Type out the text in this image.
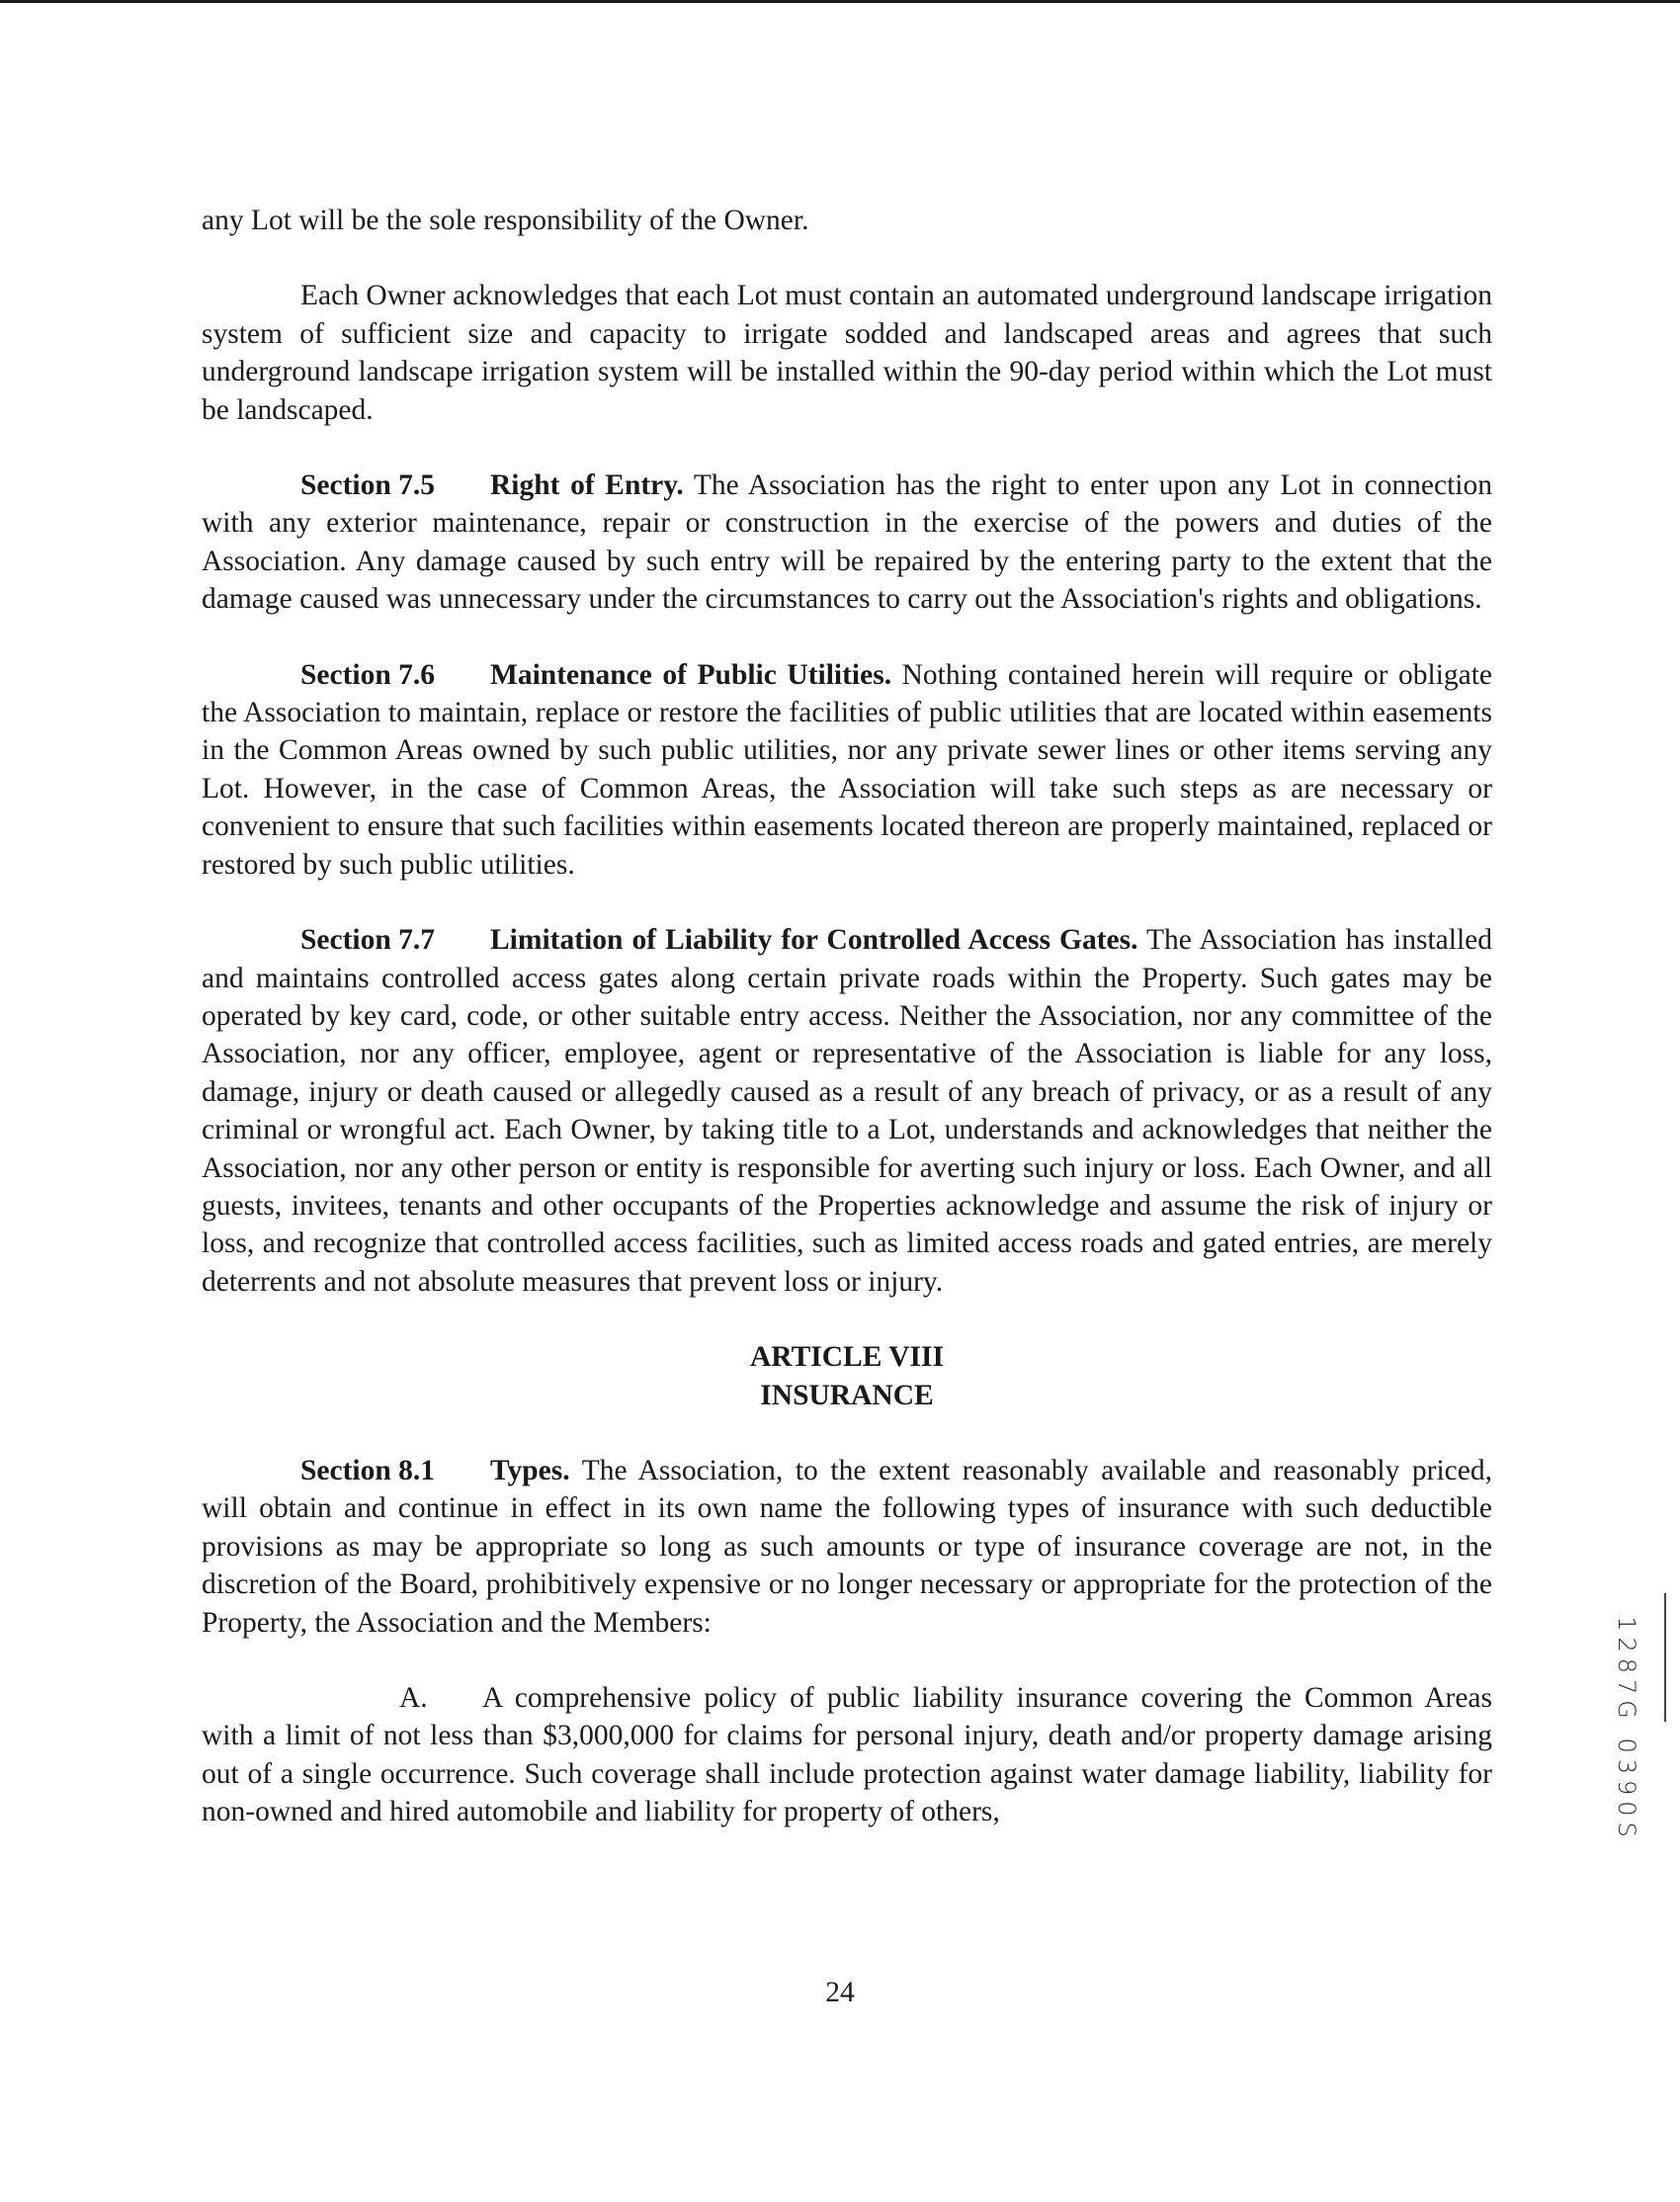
any Lot will be the sole responsibility of the Owner.

Each Owner acknowledges that each Lot must contain an automated underground landscape irrigation system of sufficient size and capacity to irrigate sodded and landscaped areas and agrees that such underground landscape irrigation system will be installed within the 90-day period within which the Lot must be landscaped.

Section 7.5 Right of Entry. The Association has the right to enter upon any Lot in connection with any exterior maintenance, repair or construction in the exercise of the powers and duties of the Association. Any damage caused by such entry will be repaired by the entering party to the extent that the damage caused was unnecessary under the circumstances to carry out the Association's rights and obligations.

Section 7.6 Maintenance of Public Utilities. Nothing contained herein will require or obligate the Association to maintain, replace or restore the facilities of public utilities that are located within easements in the Common Areas owned by such public utilities, nor any private sewer lines or other items serving any Lot. However, in the case of Common Areas, the Association will take such steps as are necessary or convenient to ensure that such facilities within easements located thereon are properly maintained, replaced or restored by such public utilities.

Section 7.7 Limitation of Liability for Controlled Access Gates. The Association has installed and maintains controlled access gates along certain private roads within the Property. Such gates may be operated by key card, code, or other suitable entry access. Neither the Association, nor any committee of the Association, nor any officer, employee, agent or representative of the Association is liable for any loss, damage, injury or death caused or allegedly caused as a result of any breach of privacy, or as a result of any criminal or wrongful act. Each Owner, by taking title to a Lot, understands and acknowledges that neither the Association, nor any other person or entity is responsible for averting such injury or loss. Each Owner, and all guests, invitees, tenants and other occupants of the Properties acknowledge and assume the risk of injury or loss, and recognize that controlled access facilities, such as limited access roads and gated entries, are merely deterrents and not absolute measures that prevent loss or injury.

ARTICLE VIII
INSURANCE

Section 8.1 Types. The Association, to the extent reasonably available and reasonably priced, will obtain and continue in effect in its own name the following types of insurance with such deductible provisions as may be appropriate so long as such amounts or type of insurance coverage are not, in the discretion of the Board, prohibitively expensive or no longer necessary or appropriate for the protection of the Property, the Association and the Members:

A. A comprehensive policy of public liability insurance covering the Common Areas with a limit of not less than $3,000,000 for claims for personal injury, death and/or property damage arising out of a single occurrence. Such coverage shall include protection against water damage liability, liability for non-owned and hired automobile and liability for property of others,

24
1287G 0390S
